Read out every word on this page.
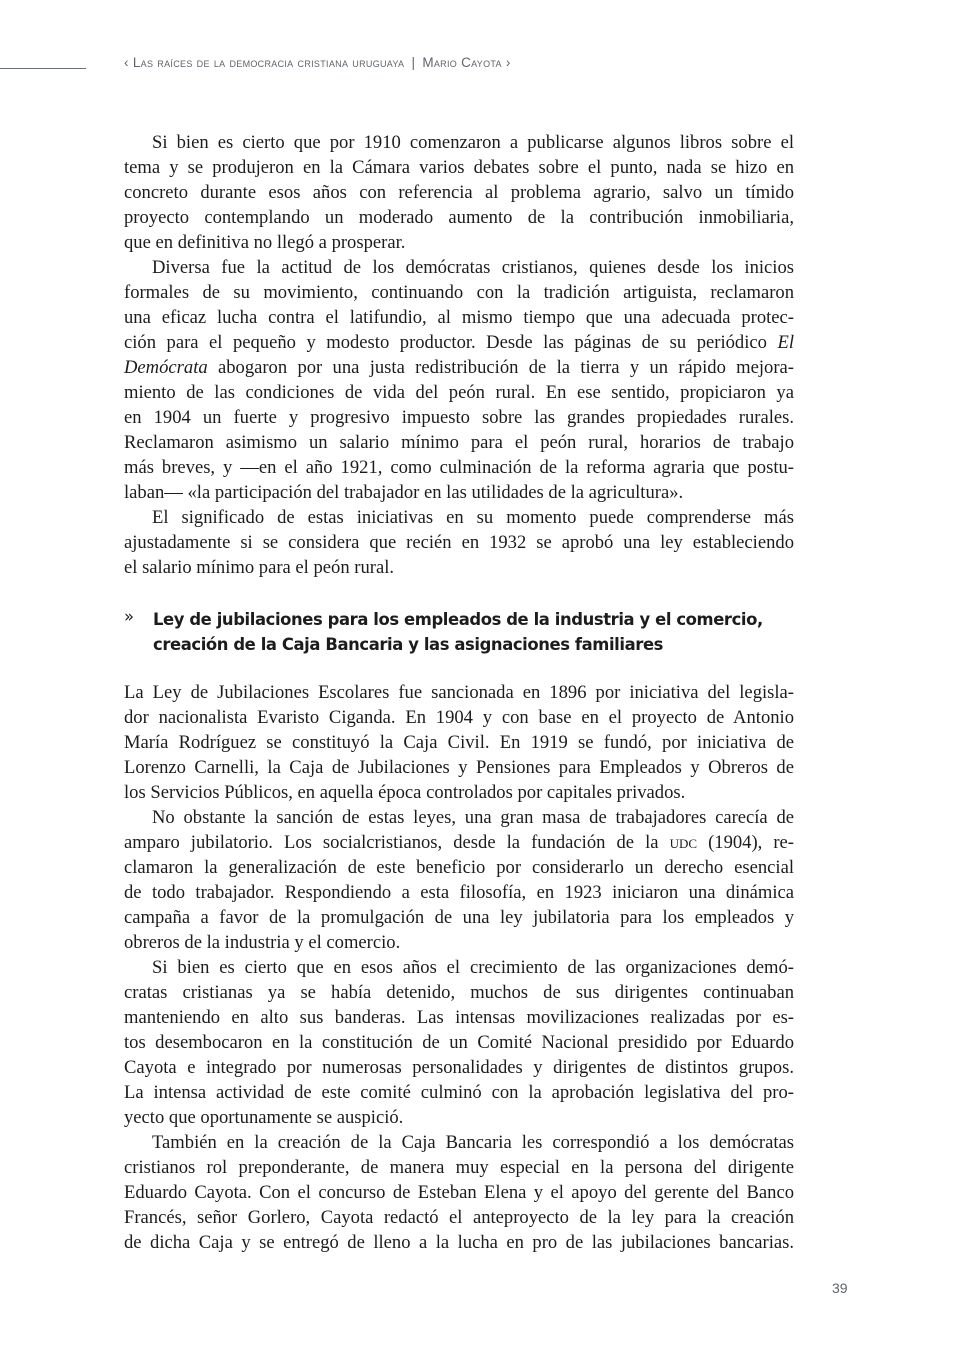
‹ Las raíces de la democracia cristiana uruguaya | Mario Cayota ›
Si bien es cierto que por 1910 comenzaron a publicarse algunos libros sobre el
tema y se produjeron en la Cámara varios debates sobre el punto, nada se hizo en
concreto durante esos años con referencia al problema agrario, salvo un tímido
proyecto contemplando un moderado aumento de la contribución inmobiliaria,
que en definitiva no llegó a prosperar.
Diversa fue la actitud de los demócratas cristianos, quienes desde los inicios
formales de su movimiento, continuando con la tradición artiguista, reclamaron
una eficaz lucha contra el latifundio, al mismo tiempo que una adecuada protec-
ción para el pequeño y modesto productor. Desde las páginas de su periódico El
Demócrata abogaron por una justa redistribución de la tierra y un rápido mejora-
miento de las condiciones de vida del peón rural. En ese sentido, propiciaron ya
en 1904 un fuerte y progresivo impuesto sobre las grandes propiedades rurales.
Reclamaron asimismo un salario mínimo para el peón rural, horarios de trabajo
más breves, y —en el año 1921, como culminación de la reforma agraria que postu-
laban— «la participación del trabajador en las utilidades de la agricultura».
El significado de estas iniciativas en su momento puede comprenderse más
ajustadamente si se considera que recién en 1932 se aprobó una ley estableciendo
el salario mínimo para el peón rural.
»	Ley de jubilaciones para los empleados de la industria y el comercio,
creación de la Caja Bancaria y las asignaciones familiares
La Ley de Jubilaciones Escolares fue sancionada en 1896 por iniciativa del legisla-
dor nacionalista Evaristo Ciganda. En 1904 y con base en el proyecto de Antonio
María Rodríguez se constituyó la Caja Civil. En 1919 se fundó, por iniciativa de
Lorenzo Carnelli, la Caja de Jubilaciones y Pensiones para Empleados y Obreros de
los Servicios Públicos, en aquella época controlados por capitales privados.
No obstante la sanción de estas leyes, una gran masa de trabajadores carecía de
amparo jubilatorio. Los socialcristianos, desde la fundación de la udc (1904), re-
clamaron la generalización de este beneficio por considerarlo un derecho esencial
de todo trabajador. Respondiendo a esta filosofía, en 1923 iniciaron una dinámica
campaña a favor de la promulgación de una ley jubilatoria para los empleados y
obreros de la industria y el comercio.
Si bien es cierto que en esos años el crecimiento de las organizaciones demó-
cratas cristianas ya se había detenido, muchos de sus dirigentes continuaban
manteniendo en alto sus banderas. Las intensas movilizaciones realizadas por es-
tos desembocaron en la constitución de un Comité Nacional presidido por Eduardo
Cayota e integrado por numerosas personalidades y dirigentes de distintos grupos.
La intensa actividad de este comité culminó con la aprobación legislativa del pro-
yecto que oportunamente se auspició.
También en la creación de la Caja Bancaria les correspondió a los demócratas
cristianos rol preponderante, de manera muy especial en la persona del dirigente
Eduardo Cayota. Con el concurso de Esteban Elena y el apoyo del gerente del Banco
Francés, señor Gorlero, Cayota redactó el anteproyecto de la ley para la creación
de dicha Caja y se entregó de lleno a la lucha en pro de las jubilaciones bancarias.
39
